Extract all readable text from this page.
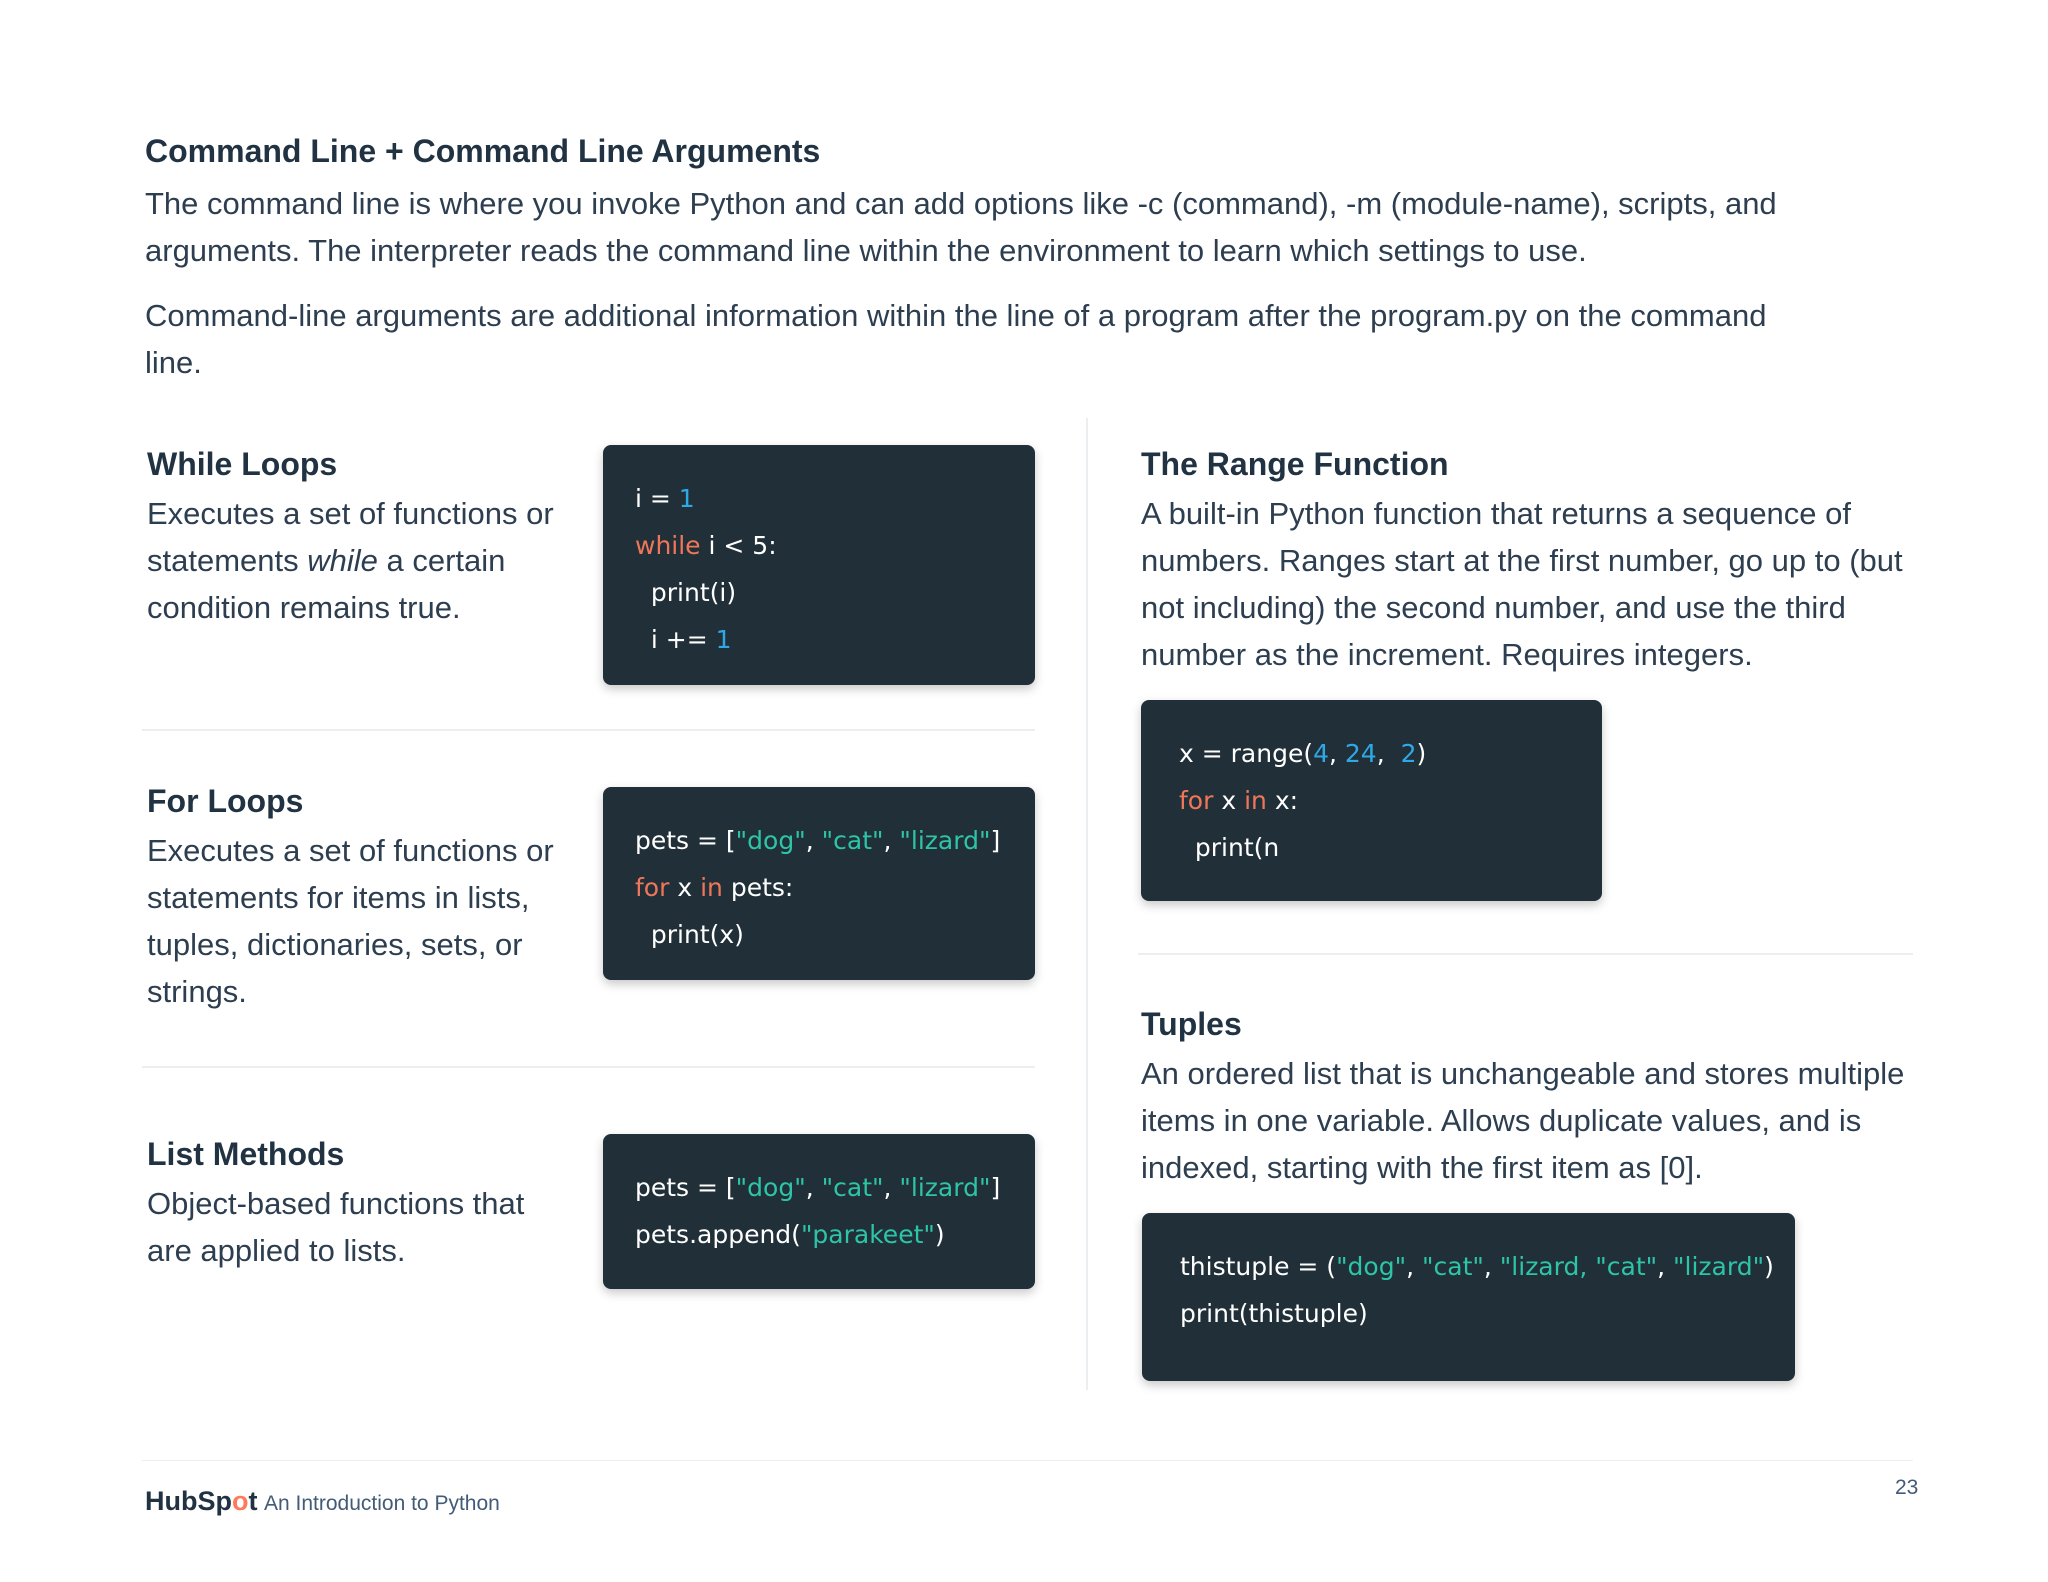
Command Line + Command Line Arguments

The command line is where you invoke Python and can add options like -c (command), -m (module-name), scripts, and arguments. The interpreter reads the command line within the environment to learn which settings to use.

Command-line arguments are additional information within the line of a program after the program.py on the command line.

While Loops

Executes a set of functions or statements while a certain condition remains true.

i = 1
while i < 5:
print(i)
i += 1
For Loops

Executes a set of functions or statements for items in lists, tuples, dictionaries, sets, or strings.

pets = ["dog", "cat", "lizard"]
for x in pets:
print(x)
List Methods

Object-based functions that are applied to lists.

pets = ["dog", "cat", "lizard"]
pets.append("parakeet")
The Range Function

A built-in Python function that returns a sequence of numbers. Ranges start at the first number, go up to (but not including) the second number, and use the third number as the increment. Requires integers.

x = range(4, 24,  2)
for x in x:
print(n
Tuples

An ordered list that is unchangeable and stores multiple items in one variable. Allows duplicate values, and is indexed, starting with the first item as [0].

thistuple = ("dog", "cat", "lizard, "cat", "lizard")
print(thistuple)
HubSpot An Introduction to Python
23
